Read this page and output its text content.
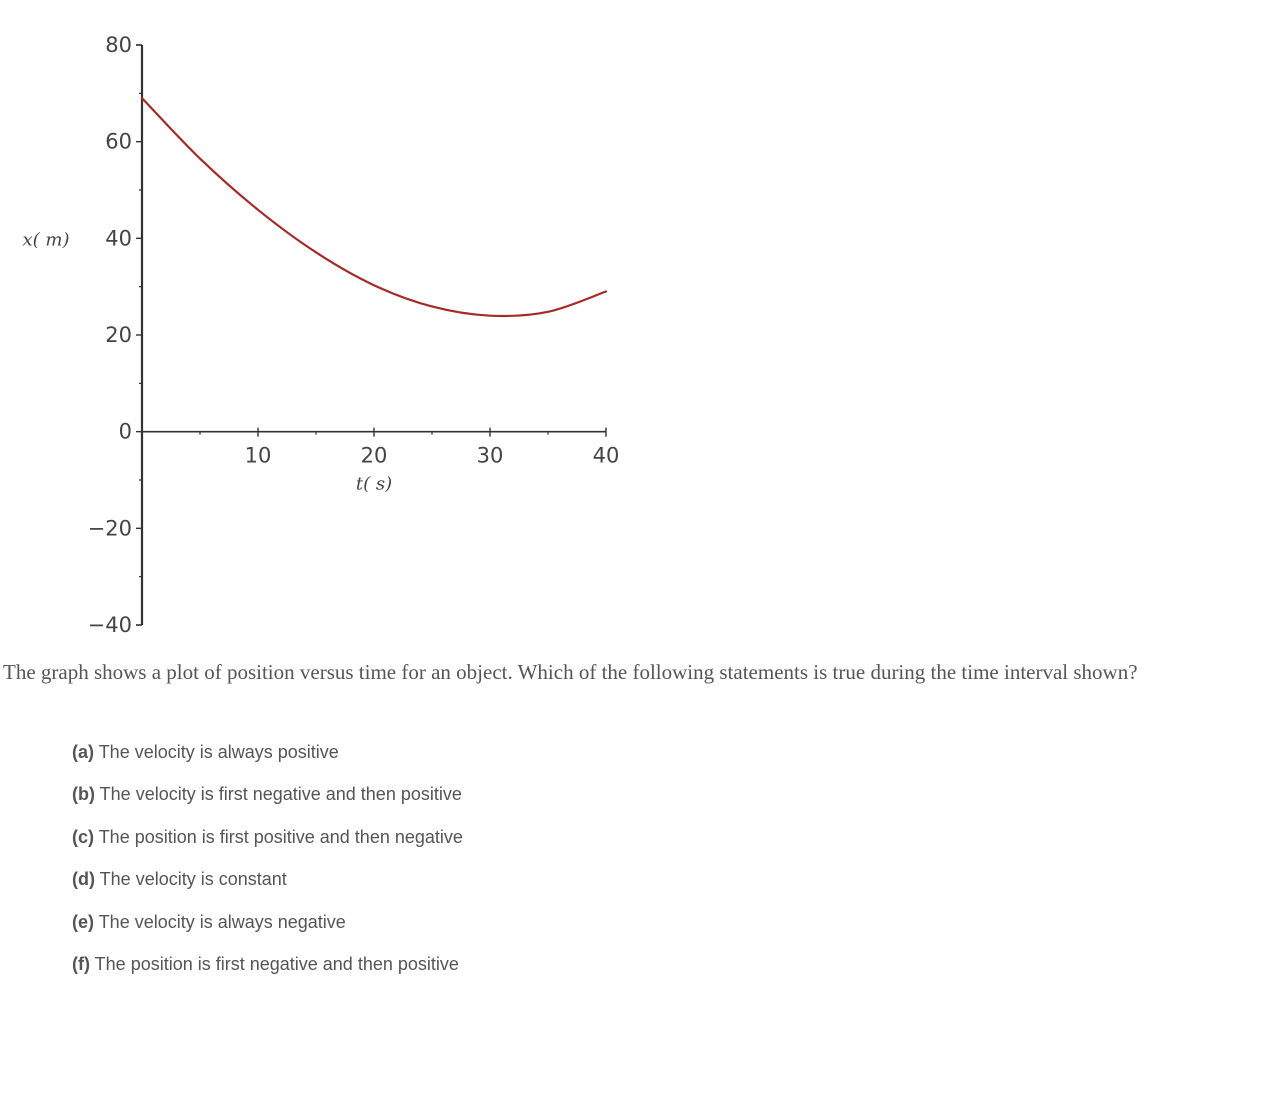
−40
−20
0
20
40
60
80
10	20	30	40
t( s)
x( m)

The graph shows a plot of position versus time for an object. Which of the following statements is true during the time interval shown?

(a) The velocity is always positive
(b) The velocity is first negative and then positive
(c) The position is first positive and then negative
(d) The velocity is constant
(e) The velocity is always negative
(f) The position is first negative and then positive
